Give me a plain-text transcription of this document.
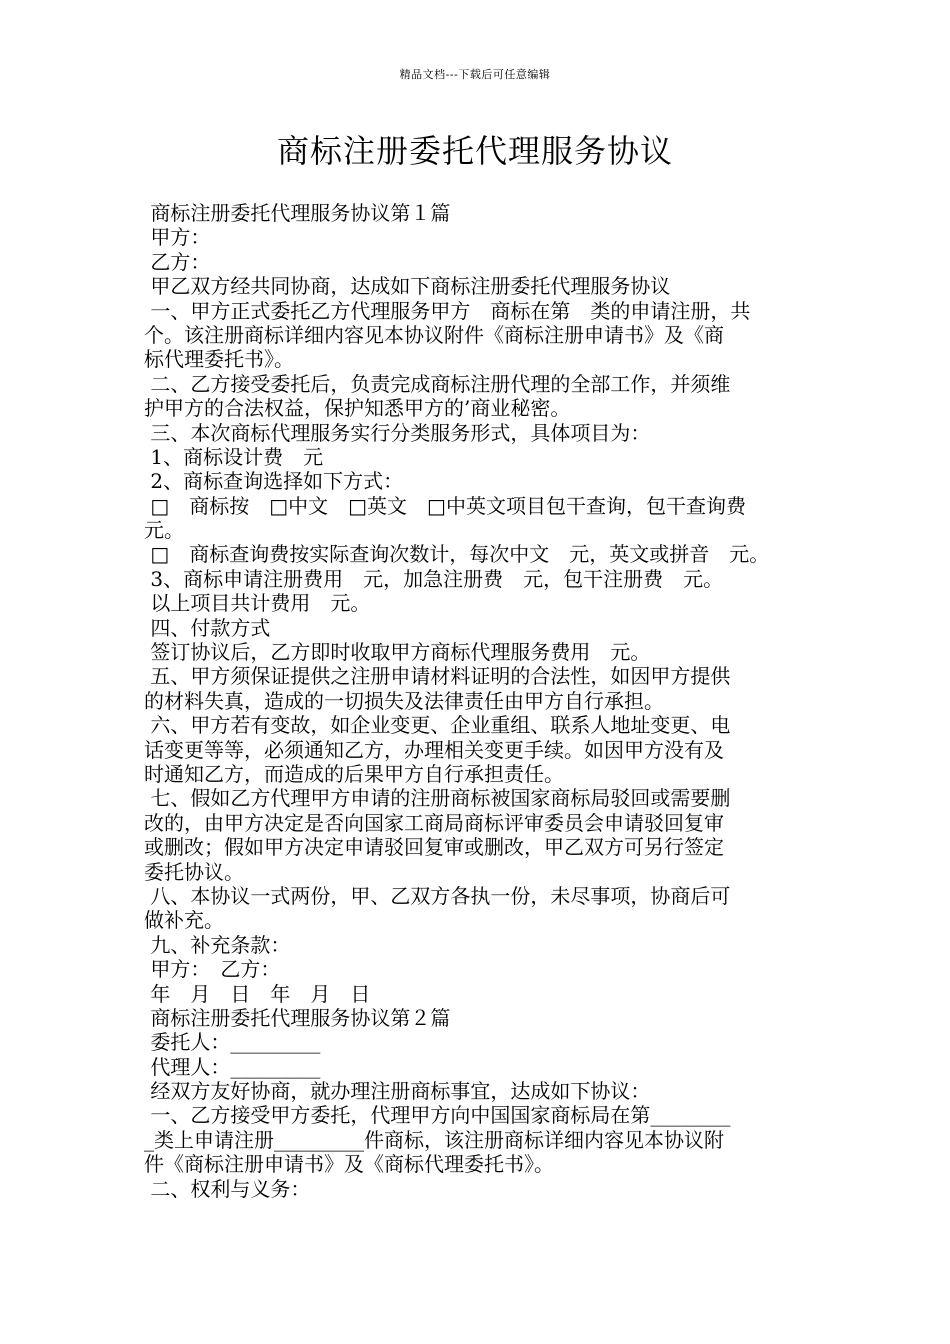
精品文档---下载后可任意编辑
商标注册委托代理服务协议
商标注册委托代理服务协议第１篇
甲方：
乙方：
甲乙双方经共同协商，达成如下商标注册委托代理服务协议
一、甲方正式委托乙方代理服务甲方　商标在第　类的申请注册，共
个。该注册商标详细内容见本协议附件《商标注册申请书》及《商
标代理委托书》。
二、乙方接受委托后，负责完成商标注册代理的全部工作，并须维
护甲方的合法权益，保护知悉甲方的’商业秘密。
三、本次商标代理服务实行分类服务形式，具体项目为：
1、商标设计费　元
2、商标查询选择如下方式：
□　商标按　□中文　□英文　□中英文项目包干查询，包干查询费
元。
□　商标查询费按实际查询次数计，每次中文　元，英文或拼音　元。
3、商标申请注册费用　元，加急注册费　元，包干注册费　元。
以上项目共计费用　元。
四、付款方式
签订协议后，乙方即时收取甲方商标代理服务费用　元。
五、甲方须保证提供之注册申请材料证明的合法性，如因甲方提供
的材料失真，造成的一切损失及法律责任由甲方自行承担。
六、甲方若有变故，如企业变更、企业重组、联系人地址变更、电
话变更等等，必须通知乙方，办理相关变更手续。如因甲方没有及
时通知乙方，而造成的后果甲方自行承担责任。
七、假如乙方代理甲方申请的注册商标被国家商标局驳回或需要删
改的，由甲方决定是否向国家工商局商标评审委员会申请驳回复审
或删改；假如甲方决定申请驳回复审或删改，甲乙双方可另行签定
委托协议。
八、本协议一式两份，甲、乙双方各执一份，未尽事项，协商后可
做补充。
九、补充条款：
甲方：　乙方：
年　月　日　年　月　日
商标注册委托代理服务协议第２篇
委托人：_________
代理人：_________
经双方友好协商，就办理注册商标事宜，达成如下协议：
一、乙方接受甲方委托，代理甲方向中国国家商标局在第________
_类上申请注册_________件商标，该注册商标详细内容见本协议附
件《商标注册申请书》及《商标代理委托书》。
二、权利与义务：
